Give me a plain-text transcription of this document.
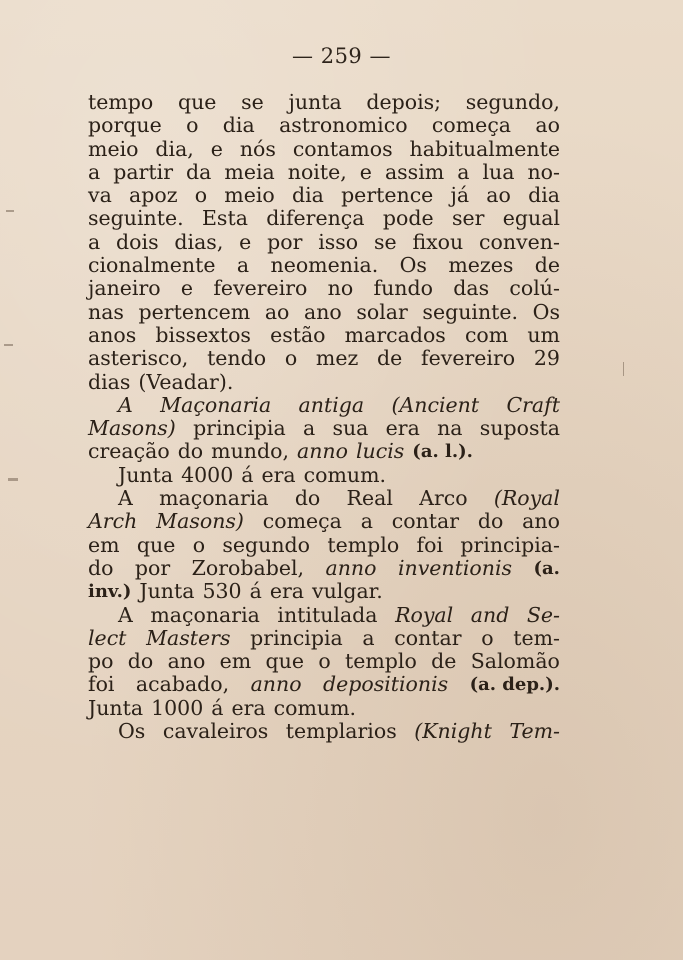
— 259 —
tempo que se junta depois; segundo,
porque o dia astronomico começa ao
meio dia, e nós contamos habitualmente
a partir da meia noite, e assim a lua no-
va apoz o meio dia pertence já ao dia
seguinte. Esta diferença pode ser egual
a dois dias, e por isso se fixou conven-
cionalmente a neomenia. Os mezes de
janeiro e fevereiro no fundo das colú-
nas pertencem ao ano solar seguinte. Os
anos bissextos estão marcados com um
asterisco, tendo o mez de fevereiro 29
dias (Veadar).
A Maçonaria antiga (Ancient Craft
Masons) principia a sua era na suposta
creação do mundo, anno lucis (a. l.).
Junta 4000 á era comum.
A maçonaria do Real Arco (Royal
Arch Masons) começa a contar do ano
em que o segundo templo foi principia-
do por Zorobabel, anno inventionis (a.
inv.) Junta 530 á era vulgar.
A maçonaria intitulada Royal and Se-
lect Masters principia a contar o tem-
po do ano em que o templo de Salomão
foi acabado, anno depositionis (a. dep.).
Junta 1000 á era comum.
Os cavaleiros templarios (Knight Tem-
